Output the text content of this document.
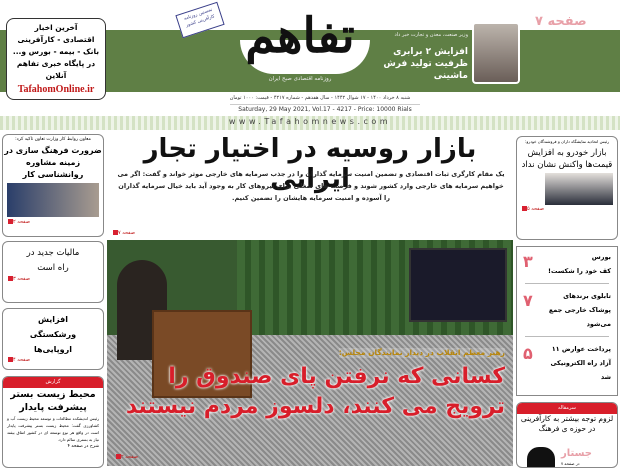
آخرین اخبار
اقتصادی - کارآفرینی
بانک - بیمه - بورس و...
در پایگاه خبری تفاهم آنلاین
TafahomOnline.ir
تفاهم
روزنامه اقتصادی صبح ایران
نخستین روزنامه کارآفرینی کشور	صفحه ۷
وزیر صنعت، معدن و تجارت خبر داد
افزایش ۲ برابری ظرفیت تولید فرش ماشینی
شنبه ۸ خرداد ۱۴۰۰ - ۱۷ شوال ۱۴۴۲ - سال هفدهم - شماره ۴۲۱۷ - قیمت: ۱۰۰۰ تومان
Saturday, 29 May 2021, Vol.17 - 4217 - Price: 10000 Rials
www.Tafahomnews.com
معاون روابط کار وزارت تعاون تاکید کرد:
ضرورت فرهنگ سازی در زمینه مشاوره روانشناسی کار
صفحه ۲
مالیات جدید در راه است
صفحه ۳
افزایش ورشکستگی اروپایی‌ها
صفحه ۴
گزارش
محیط زیست بستر پیشرفت پایدار
رئیس اندیشکده مطالعات و توسعه محیط زیست آب و کشاورزی گفت: محیط زیست بستر پیشرفت پایدار است در واقع هر نوع توسعه ای در کشور اتفاق بیفتد نیاز به بستری سالم دارد.
شرح در صفحه ۴
بازار روسیه در اختیار تجار ایرانی
یک مقام کارگری ثبات اقتصادی و تضمین امنیت سرمایه گذاران را در جذب سرمایه های خارجی موثر خواند و گفت: اگر می خواهیم سرمایه های خارجی وارد کشور شوند و فرصت های شغلی برای نیروهای کار به وجود آید باید خیال سرمایه گذاران را آسوده و امنیت سرمایه هایشان را تضمین کنیم.
صفحه ۷
رهبر معظم انقلاب در دیدار نمایندگان مجلس:
کسانی که نرفتن پای صندوق را ترویج می کنند، دلسوز مردم نیستند
صفحه ۲
رئیس اتحادیه نمایشگاه داران و فروشندگان خودرو:
بازار خودرو به افزایش قیمت‌ها واکنش نشان نداد
صفحه ۵
۳	بورس
کف خود را شکست!
۷	تابلوی برندهای پوشاک خارجی جمع می‌شود
۵	پرداخت عوارض ۱۱ آزاد راه الکترونیکی شد
سرمقاله
لزوم توجه بیشتر به کارآفرینی در حوزه ی فرهنگ
جستار
در صفحه ۷
